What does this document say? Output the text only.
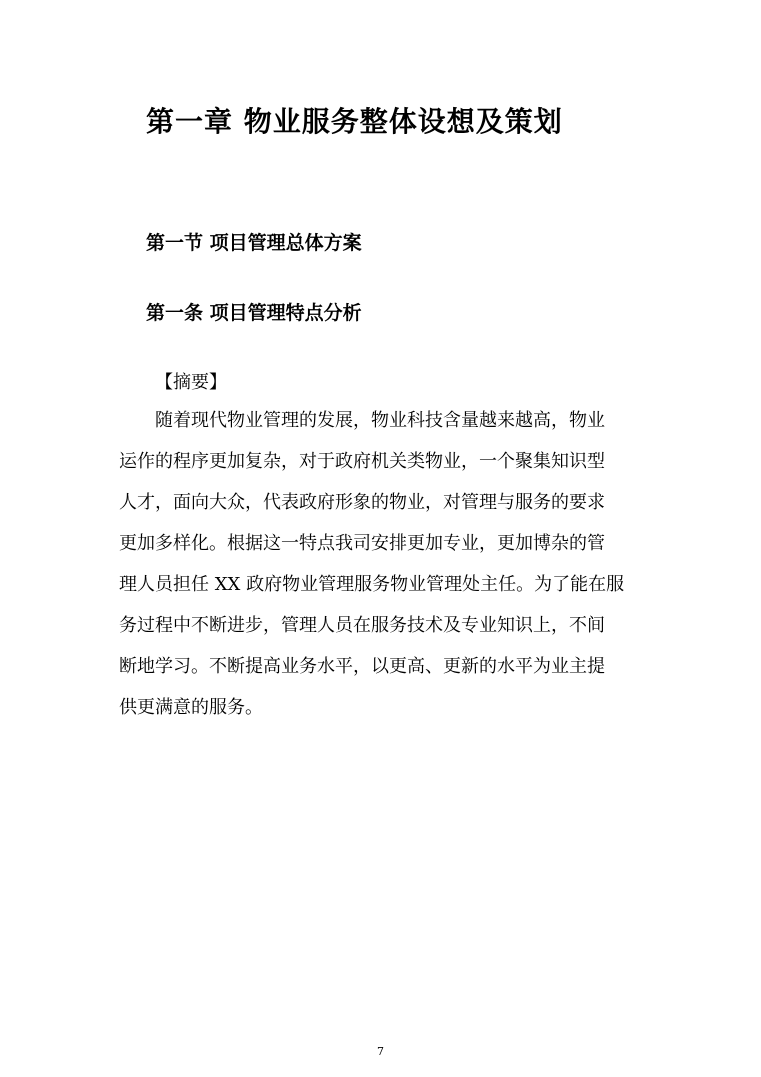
第一章 物业服务整体设想及策划
第一节 项目管理总体方案
第一条 项目管理特点分析

【摘要】

随着现代物业管理的发展，物业科技含量越来越高，物业
运作的程序更加复杂，对于政府机关类物业，一个聚集知识型
人才，面向大众，代表政府形象的物业，对管理与服务的要求
更加多样化。根据这一特点我司安排更加专业，更加博杂的管
理人员担任 XX 政府物业管理服务物业管理处主任。为了能在服
务过程中不断进步，管理人员在服务技术及专业知识上，不间
断地学习。不断提高业务水平，以更高、更新的水平为业主提
供更满意的服务。
7
